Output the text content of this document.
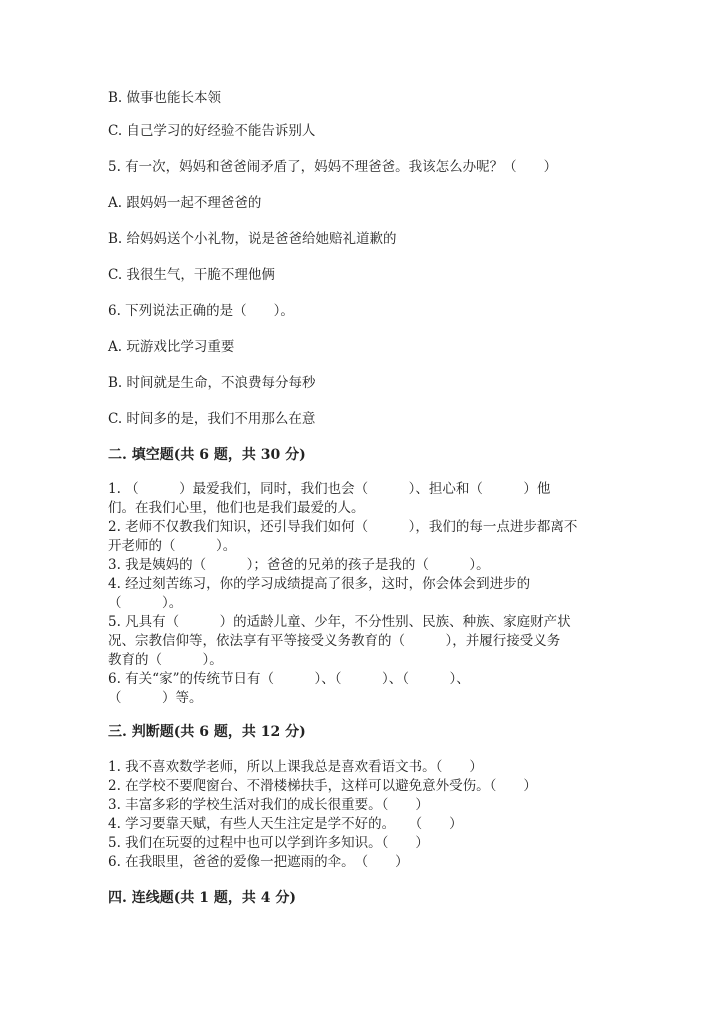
B. 做事也能长本领
C. 自己学习的好经验不能告诉别人
5. 有一次，妈妈和爸爸闹矛盾了，妈妈不理爸爸。我该怎么办呢？（　　）
A. 跟妈妈一起不理爸爸的
B. 给妈妈送个小礼物，说是爸爸给她赔礼道歉的
C. 我很生气，干脆不理他俩
6. 下列说法正确的是（　　）。
A. 玩游戏比学习重要
B. 时间就是生命，不浪费每分每秒
C. 时间多的是，我们不用那么在意
二. 填空题(共 6 题，共 30 分)
1. （　　　）最爱我们，同时，我们也会（　　　）、担心和（　　　）他
们。在我们心里，他们也是我们最爱的人。
2. 老师不仅教我们知识，还引导我们如何（　　　），我们的每一点进步都离不
开老师的（　　　）。
3. 我是姨妈的（　　　）；爸爸的兄弟的孩子是我的（　　　）。
4. 经过刻苦练习，你的学习成绩提高了很多，这时，你会体会到进步的
（　　　）。
5. 凡具有（　　　）的适龄儿童、少年，不分性别、民族、种族、家庭财产状
况、宗教信仰等，依法享有平等接受义务教育的（　　　），并履行接受义务
教育的（　　　）。
6. 有关“家”的传统节日有（　　　）、（　　　）、（　　　）、
（　　　）等。
三. 判断题(共 6 题，共 12 分)
1. 我不喜欢数学老师，所以上课我总是喜欢看语文书。（　　）
2. 在学校不要爬窗台、不滑楼梯扶手，这样可以避免意外受伤。（　　）
3. 丰富多彩的学校生活对我们的成长很重要。（　　）
4. 学习要靠天赋，有些人天生注定是学不好的。　　（　　）
5. 我们在玩耍的过程中也可以学到许多知识。（　　）
6. 在我眼里，爸爸的爱像一把遮雨的伞。　（　　）
四. 连线题(共 1 题，共 4 分)
